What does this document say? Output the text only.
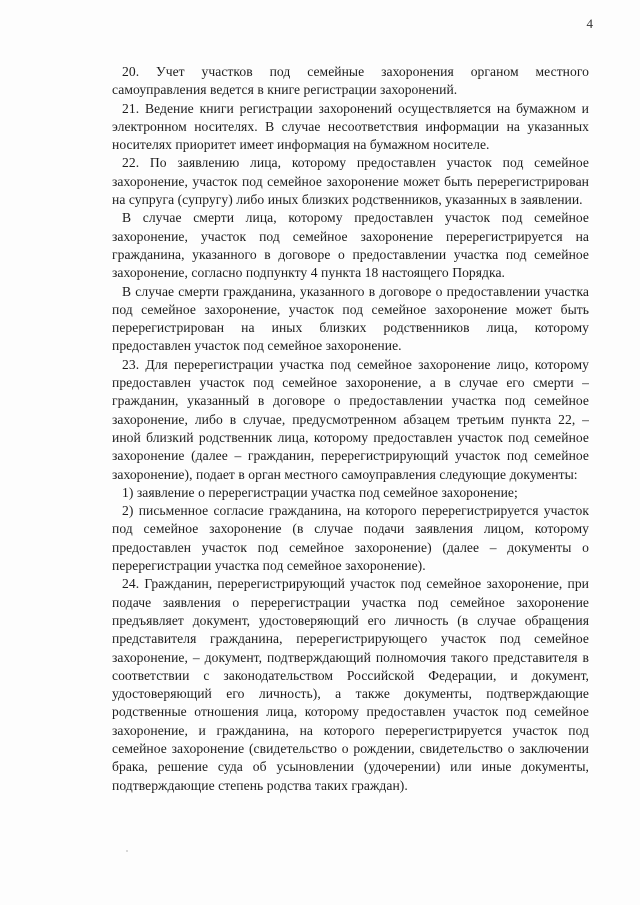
4

20. Учет участков под семейные захоронения органом местного самоуправления ведется в книге регистрации захоронений.

21. Ведение книги регистрации захоронений осуществляется на бумажном и электронном носителях. В случае несоответствия информации на указанных носителях приоритет имеет информация на бумажном носителе.

22. По заявлению лица, которому предоставлен участок под семейное захоронение, участок под семейное захоронение может быть перерегистрирован на супруга (супругу) либо иных близких родственников, указанных в заявлении.

В случае смерти лица, которому предоставлен участок под семейное захоронение, участок под семейное захоронение перерегистрируется на гражданина, указанного в договоре о предоставлении участка под семейное захоронение, согласно подпункту 4 пункта 18 настоящего Порядка.

В случае смерти гражданина, указанного в договоре о предоставлении участка под семейное захоронение, участок под семейное захоронение может быть перерегистрирован на иных близких родственников лица, которому предоставлен участок под семейное захоронение.

23. Для перерегистрации участка под семейное захоронение лицо, которому предоставлен участок под семейное захоронение, а в случае его смерти – гражданин, указанный в договоре о предоставлении участка под семейное захоронение, либо в случае, предусмотренном абзацем третьим пункта 22, – иной близкий родственник лица, которому предоставлен участок под семейное захоронение (далее – гражданин, перерегистрирующий участок под семейное захоронение), подает в орган местного самоуправления следующие документы:

1) заявление о перерегистрации участка под семейное захоронение;

2) письменное согласие гражданина, на которого перерегистрируется участок под семейное захоронение (в случае подачи заявления лицом, которому предоставлен участок под семейное захоронение) (далее – документы о перерегистрации участка под семейное захоронение).

24. Гражданин, перерегистрирующий участок под семейное захоронение, при подаче заявления о перерегистрации участка под семейное захоронение предъявляет документ, удостоверяющий его личность (в случае обращения представителя гражданина, перерегистрирующего участок под семейное захоронение, – документ, подтверждающий полномочия такого представителя в соответствии с законодательством Российской Федерации, и документ, удостоверяющий его личность), а также документы, подтверждающие родственные отношения лица, которому предоставлен участок под семейное захоронение, и гражданина, на которого перерегистрируется участок под семейное захоронение (свидетельство о рождении, свидетельство о заключении брака, решение суда об усыновлении (удочерении) или иные документы, подтверждающие степень родства таких граждан).
